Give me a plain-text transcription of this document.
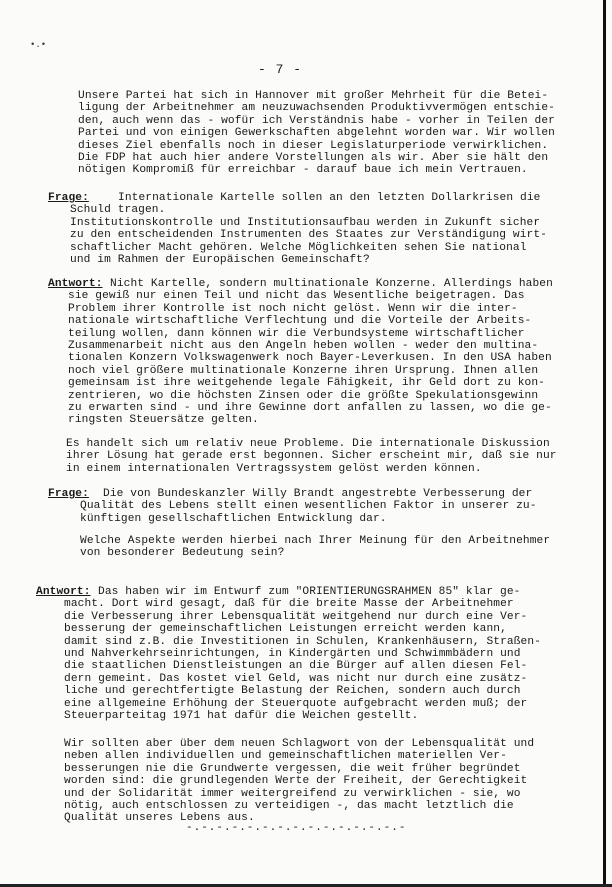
•.•
- 7 -
Unsere Partei hat sich in Hannover mit großer Mehrheit für die Betei-
ligung der Arbeitnehmer am neuzuwachsenden Produktivvermögen entschie-
den, auch wenn das - wofür ich Verständnis habe - vorher in Teilen der
Partei und von einigen Gewerkschaften abgelehnt worden war. Wir wollen
dieses Ziel ebenfalls noch in dieser Legislaturperiode verwirklichen.
Die FDP hat auch hier andere Vorstellungen als wir. Aber sie hält den
nötigen Kompromiß für erreichbar - darauf baue ich mein Vertrauen.
Frage:	Internationale Kartelle sollen an den letzten Dollarkrisen die
Schuld tragen.
Institutionskontrolle und Institutionsaufbau werden in Zukunft sicher
zu den entscheidenden Instrumenten des Staates zur Verständigung wirt-
schaftlicher Macht gehören. Welche Möglichkeiten sehen Sie national
und im Rahmen der Europäischen Gemeinschaft?
Antwort: Nicht Kartelle, sondern multinationale Konzerne. Allerdings haben
sie gewiß nur einen Teil und nicht das Wesentliche beigetragen. Das
Problem ihrer Kontrolle ist noch nicht gelöst. Wenn wir die inter-
nationale wirtschaftliche Verflechtung und die Vorteile der Arbeits-
teilung wollen, dann können wir die Verbundsysteme wirtschaftlicher
Zusammenarbeit nicht aus den Angeln heben wollen - weder den multina-
tionalen Konzern Volkswagenwerk noch Bayer-Leverkusen. In den USA haben
noch viel größere multinationale Konzerne ihren Ursprung. Ihnen allen
gemeinsam ist ihre weitgehende legale Fähigkeit, ihr Geld dort zu kon-
zentrieren, wo die höchsten Zinsen oder die größte Spekulationsgewinn
zu erwarten sind - und ihre Gewinne dort anfallen zu lassen, wo die ge-
ringsten Steuersätze gelten.
Es handelt sich um relativ neue Probleme. Die internationale Diskussion
ihrer Lösung hat gerade erst begonnen. Sicher erscheint mir, daß sie nur
in einem internationalen Vertragssystem gelöst werden können.
Frage: Die von Bundeskanzler Willy Brandt angestrebte Verbesserung der
Qualität des Lebens stellt einen wesentlichen Faktor in unserer zu-
künftigen gesellschaftlichen Entwicklung dar.
Welche Aspekte werden hierbei nach Ihrer Meinung für den Arbeitnehmer
von besonderer Bedeutung sein?
Antwort: Das haben wir im Entwurf zum "ORIENTIERUNGSRAHMEN 85" klar ge-
macht. Dort wird gesagt, daß für die breite Masse der Arbeitnehmer
die Verbesserung ihrer Lebensqualität weitgehend nur durch eine Ver-
besserung der gemeinschaftlichen Leistungen erreicht werden kann,
damit sind z.B. die Investitionen in Schulen, Krankenhäusern, Straßen-
und Nahverkehrseinrichtungen, in Kindergärten und Schwimmbädern und
die staatlichen Dienstleistungen an die Bürger auf allen diesen Fel-
dern gemeint. Das kostet viel Geld, was nicht nur durch eine zusätz-
liche und gerechtfertigte Belastung der Reichen, sondern auch durch
eine allgemeine Erhöhung der Steuerquote aufgebracht werden muß; der
Steuerparteitag 1971 hat dafür die Weichen gestellt.
Wir sollten aber über dem neuen Schlagwort von der Lebensqualität und
neben allen individuellen und gemeinschaftlichen materiellen Ver-
besserungen nie die Grundwerte vergessen, die weit früher begründet
worden sind: die grundlegenden Werte der Freiheit, der Gerechtigkeit
und der Solidarität immer weitergreifend zu verwirklichen - sie, wo
nötig, auch entschlossen zu verteidigen -, das macht letztlich die
Qualität unseres Lebens aus.
-.-.-.-.-.-.-.-.-.-.-.-.-.-.-
